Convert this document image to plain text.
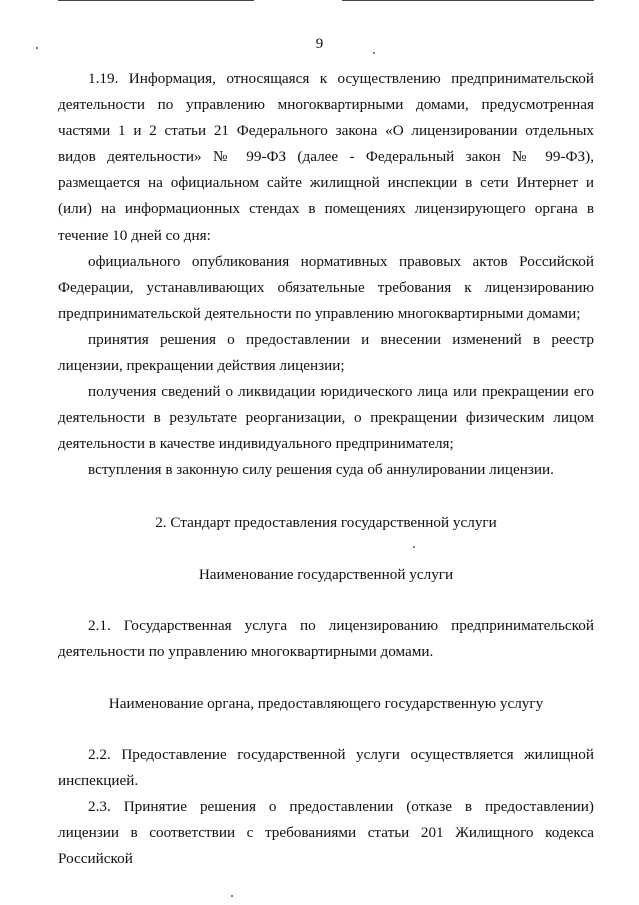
9

1.19. Информация, относящаяся к осуществлению предпринимательской деятельности по управлению многоквартирными домами, предусмотренная частями 1 и 2 статьи 21 Федерального закона «О лицензировании отдельных видов деятельности» № 99-ФЗ (далее - Федеральный закон № 99-ФЗ), размещается на официальном сайте жилищной инспекции в сети Интернет и (или) на информационных стендах в помещениях лицензирующего органа в течение 10 дней со дня:

официального опубликования нормативных правовых актов Российской Федерации, устанавливающих обязательные требования к лицензированию предпринимательской деятельности по управлению многоквартирными домами;

принятия решения о предоставлении и внесении изменений в реестр лицензии, прекращении действия лицензии;

получения сведений о ликвидации юридического лица или прекращении его деятельности в результате реорганизации, о прекращении физическим лицом деятельности в качестве индивидуального предпринимателя;

вступления в законную силу решения суда об аннулировании лицензии.

2. Стандарт предоставления государственной услуги
Наименование государственной услуги

2.1. Государственная услуга по лицензированию предпринимательской деятельности по управлению многоквартирными домами.

Наименование органа, предоставляющего государственную услугу

2.2. Предоставление государственной услуги осуществляется жилищной инспекцией.

2.3. Принятие решения о предоставлении (отказе в предоставлении) лицензии в соответствии с требованиями статьи 201 Жилищного кодекса Российской
